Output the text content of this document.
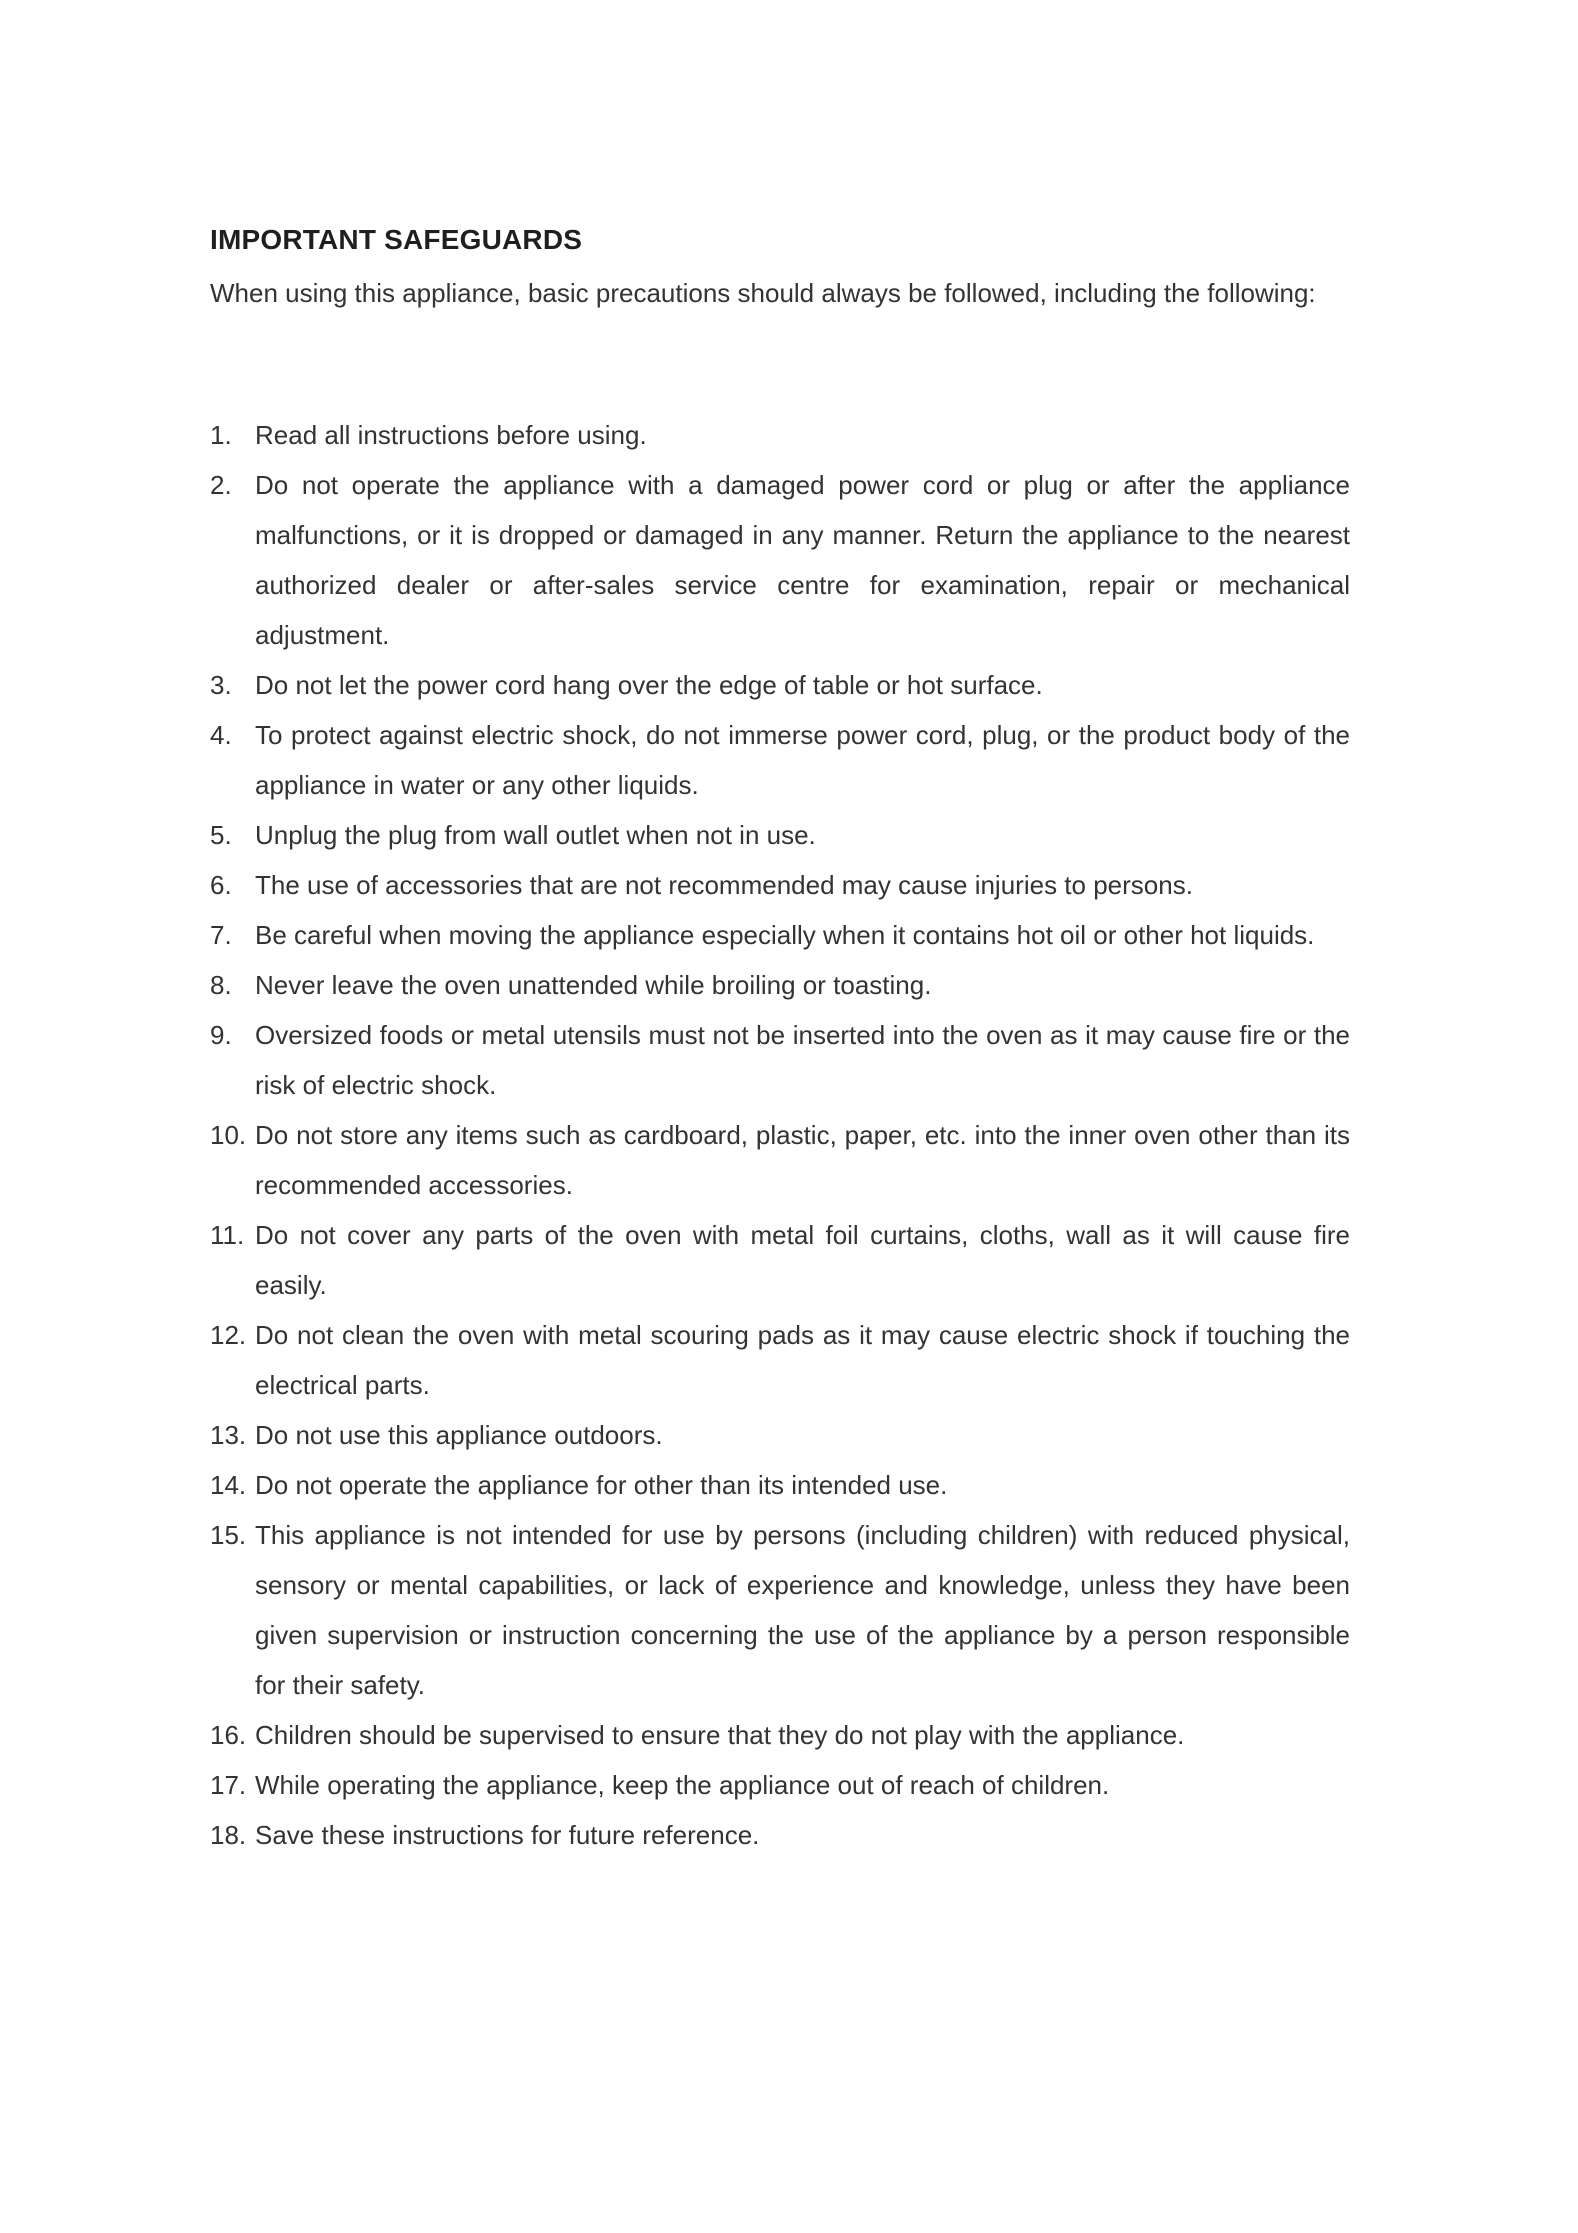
IMPORTANT SAFEGUARDS
When using this appliance, basic precautions should always be followed, including the following:
1. Read all instructions before using.
2. Do not operate the appliance with a damaged power cord or plug or after the appliance malfunctions, or it is dropped or damaged in any manner. Return the appliance to the nearest authorized dealer or after-sales service centre for examination, repair or mechanical adjustment.
3. Do not let the power cord hang over the edge of table or hot surface.
4. To protect against electric shock, do not immerse power cord, plug, or the product body of the appliance in water or any other liquids.
5. Unplug the plug from wall outlet when not in use.
6. The use of accessories that are not recommended may cause injuries to persons.
7. Be careful when moving the appliance especially when it contains hot oil or other hot liquids.
8. Never leave the oven unattended while broiling or toasting.
9. Oversized foods or metal utensils must not be inserted into the oven as it may cause fire or the risk of electric shock.
10. Do not store any items such as cardboard, plastic, paper, etc. into the inner oven other than its recommended accessories.
11. Do not cover any parts of the oven with metal foil curtains, cloths, wall as it will cause fire easily.
12. Do not clean the oven with metal scouring pads as it may cause electric shock if touching the electrical parts.
13. Do not use this appliance outdoors.
14. Do not operate the appliance for other than its intended use.
15. This appliance is not intended for use by persons (including children) with reduced physical, sensory or mental capabilities, or lack of experience and knowledge, unless they have been given supervision or instruction concerning the use of the appliance by a person responsible for their safety.
16. Children should be supervised to ensure that they do not play with the appliance.
17. While operating the appliance, keep the appliance out of reach of children.
18. Save these instructions for future reference.
